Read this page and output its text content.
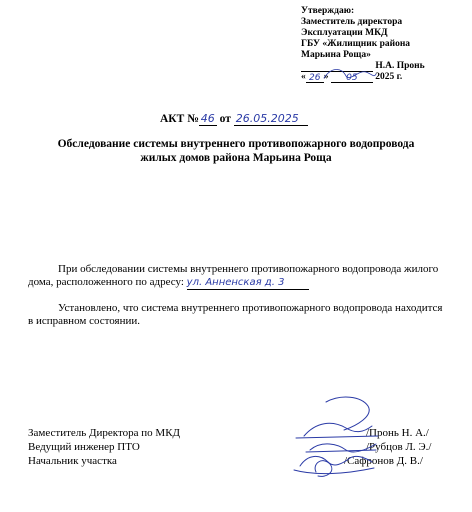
Утверждаю:
Заместитель директора
Эксплуатации МКД
ГБУ «Жилищник района
Марьина Роща»
Н.А. Пронь
« 26 » 05 2025 г.
АКТ № 46 от 26.05.2025
Обследование системы внутреннего противопожарного водопровода
жилых домов района Марьина Роща
При обследовании системы внутреннего противопожарного водопровода жилого дома, расположенного по адресу: ул. Анненская д. 3
Установлено, что система внутреннего противопожарного водопровода находится в исправном состоянии.
Заместитель Директора по МКД	/Пронь Н. А./
Ведущий инженер ПТО	/Рубцов Л. Э./
Начальник участка	/Сафронов Д. В./
